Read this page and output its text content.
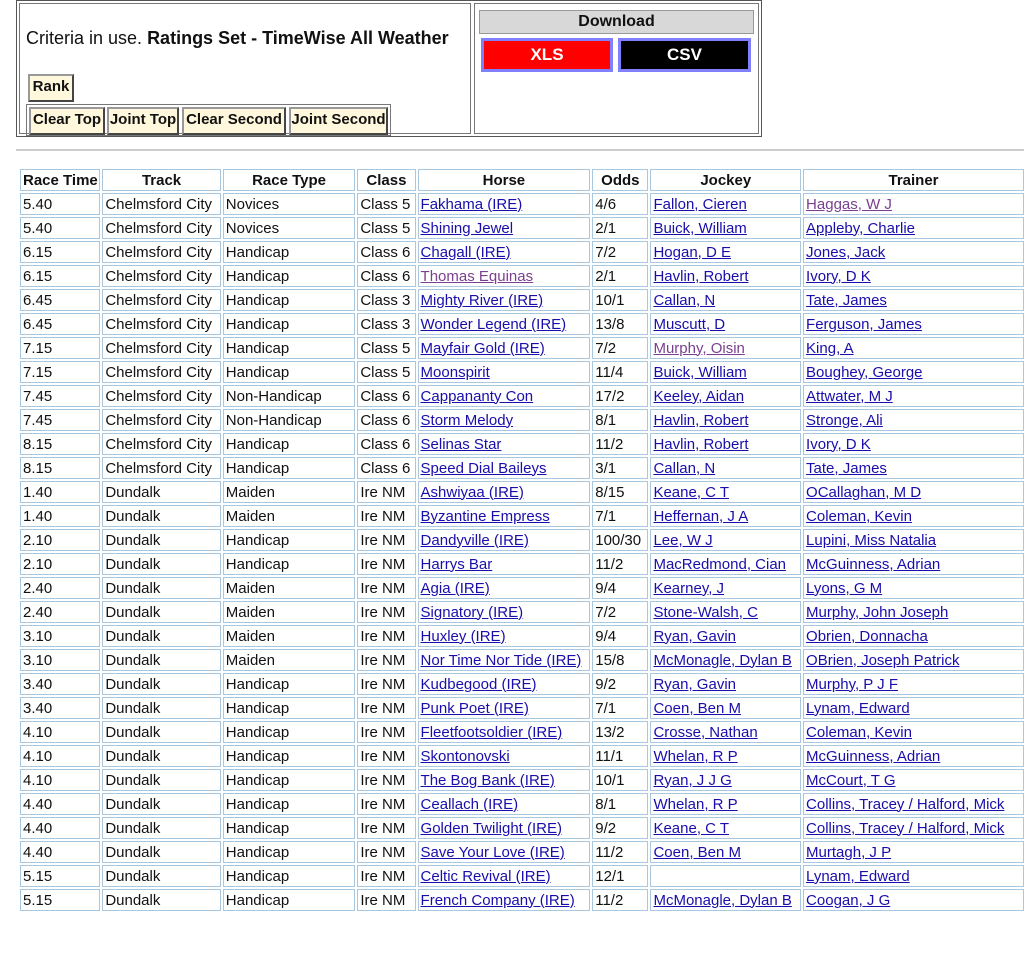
Criteria in use. Ratings Set - TimeWise All Weather
Rank
Clear Top Joint Top Clear Second Joint Second
Download
XLS	CSV
Race Time	Track	Race Type	Class	Horse	Odds	Jockey	Trainer
5.40	Chelmsford City	Novices	Class 5	Fakhama (IRE)	4/6	Fallon, Cieren	Haggas, W J
5.40	Chelmsford City	Novices	Class 5	Shining Jewel	2/1	Buick, William	Appleby, Charlie
6.15	Chelmsford City	Handicap	Class 6	Chagall (IRE)	7/2	Hogan, D E	Jones, Jack
6.15	Chelmsford City	Handicap	Class 6	Thomas Equinas	2/1	Havlin, Robert	Ivory, D K
6.45	Chelmsford City	Handicap	Class 3	Mighty River (IRE)	10/1	Callan, N	Tate, James
6.45	Chelmsford City	Handicap	Class 3	Wonder Legend (IRE)	13/8	Muscutt, D	Ferguson, James
7.15	Chelmsford City	Handicap	Class 5	Mayfair Gold (IRE)	7/2	Murphy, Oisin	King, A
7.15	Chelmsford City	Handicap	Class 5	Moonspirit	11/4	Buick, William	Boughey, George
7.45	Chelmsford City	Non-Handicap	Class 6	Cappananty Con	17/2	Keeley, Aidan	Attwater, M J
7.45	Chelmsford City	Non-Handicap	Class 6	Storm Melody	8/1	Havlin, Robert	Stronge, Ali
8.15	Chelmsford City	Handicap	Class 6	Selinas Star	11/2	Havlin, Robert	Ivory, D K
8.15	Chelmsford City	Handicap	Class 6	Speed Dial Baileys	3/1	Callan, N	Tate, James
1.40	Dundalk	Maiden	Ire NM	Ashwiyaa (IRE)	8/15	Keane, C T	OCallaghan, M D
1.40	Dundalk	Maiden	Ire NM	Byzantine Empress	7/1	Heffernan, J A	Coleman, Kevin
2.10	Dundalk	Handicap	Ire NM	Dandyville (IRE)	100/30	Lee, W J	Lupini, Miss Natalia
2.10	Dundalk	Handicap	Ire NM	Harrys Bar	11/2	MacRedmond, Cian	McGuinness, Adrian
2.40	Dundalk	Maiden	Ire NM	Agia (IRE)	9/4	Kearney, J	Lyons, G M
2.40	Dundalk	Maiden	Ire NM	Signatory (IRE)	7/2	Stone-Walsh, C	Murphy, John Joseph
3.10	Dundalk	Maiden	Ire NM	Huxley (IRE)	9/4	Ryan, Gavin	Obrien, Donnacha
3.10	Dundalk	Maiden	Ire NM	Nor Time Nor Tide (IRE)	15/8	McMonagle, Dylan B	OBrien, Joseph Patrick
3.40	Dundalk	Handicap	Ire NM	Kudbegood (IRE)	9/2	Ryan, Gavin	Murphy, P J F
3.40	Dundalk	Handicap	Ire NM	Punk Poet (IRE)	7/1	Coen, Ben M	Lynam, Edward
4.10	Dundalk	Handicap	Ire NM	Fleetfootsoldier (IRE)	13/2	Crosse, Nathan	Coleman, Kevin
4.10	Dundalk	Handicap	Ire NM	Skontonovski	11/1	Whelan, R P	McGuinness, Adrian
4.10	Dundalk	Handicap	Ire NM	The Bog Bank (IRE)	10/1	Ryan, J J G	McCourt, T G
4.40	Dundalk	Handicap	Ire NM	Ceallach (IRE)	8/1	Whelan, R P	Collins, Tracey / Halford, Mick
4.40	Dundalk	Handicap	Ire NM	Golden Twilight (IRE)	9/2	Keane, C T	Collins, Tracey / Halford, Mick
4.40	Dundalk	Handicap	Ire NM	Save Your Love (IRE)	11/2	Coen, Ben M	Murtagh, J P
5.15	Dundalk	Handicap	Ire NM	Celtic Revival (IRE)	12/1		Lynam, Edward
5.15	Dundalk	Handicap	Ire NM	French Company (IRE)	11/2	McMonagle, Dylan B	Coogan, J G
